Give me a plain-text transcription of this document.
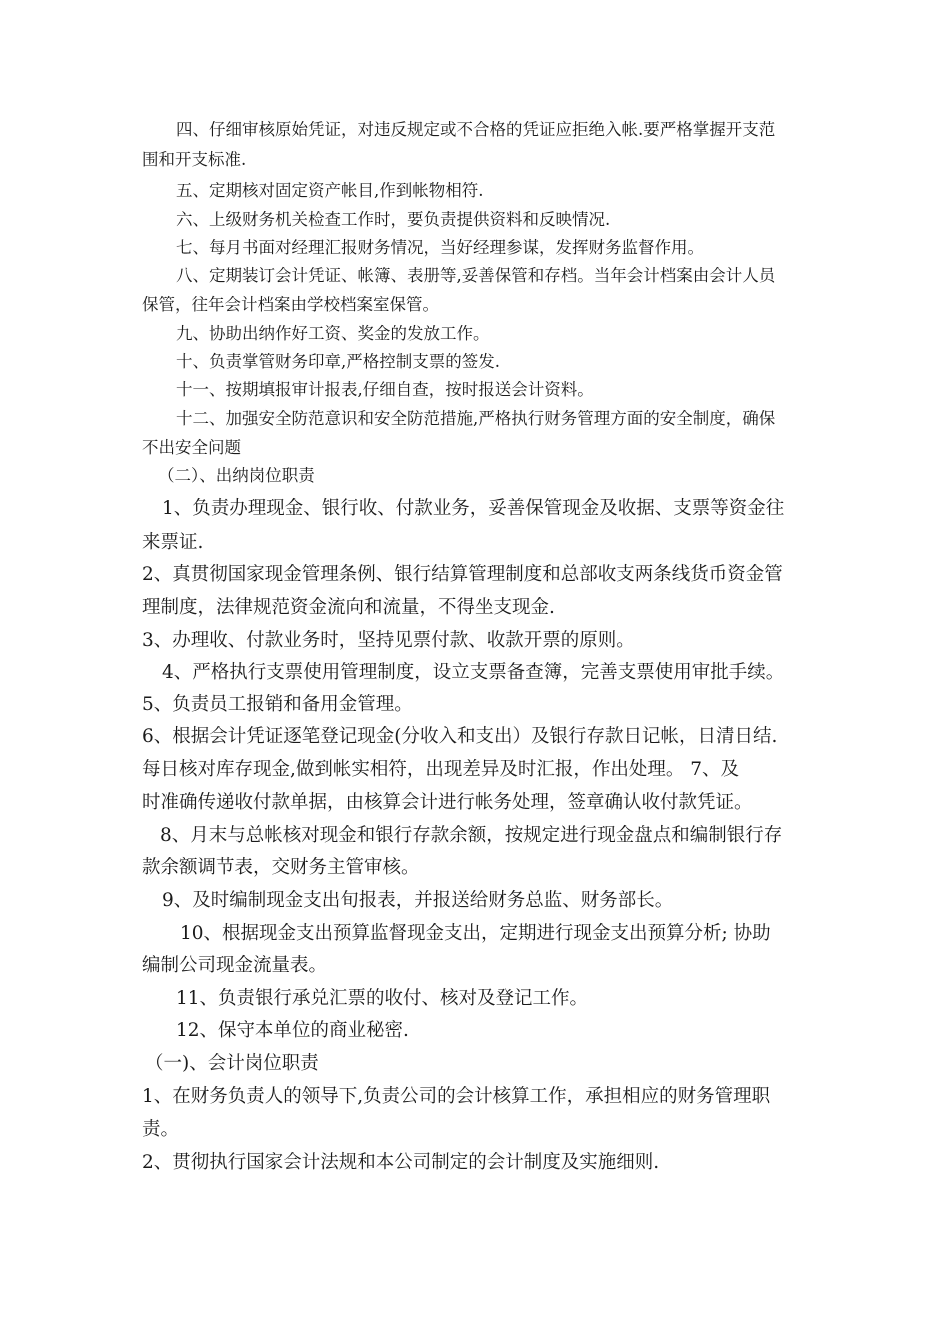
四、仔细审核原始凭证，对违反规定或不合格的凭证应拒绝入帐.要严格掌握开支范
围和开支标准.
五、定期核对固定资产帐目,作到帐物相符.
六、上级财务机关检查工作时，要负责提供资料和反映情况.
七、每月书面对经理汇报财务情况，当好经理参谋，发挥财务监督作用。
八、定期装订会计凭证、帐簿、表册等,妥善保管和存档。当年会计档案由会计人员
保管，往年会计档案由学校档案室保管。
九、协助出纳作好工资、奖金的发放工作。
十、负责掌管财务印章,严格控制支票的签发.
十一、按期填报审计报表,仔细自查，按时报送会计资料。
十二、加强安全防范意识和安全防范措施,严格执行财务管理方面的安全制度，确保
不出安全问题
（二）、出纳岗位职责
1、负责办理现金、银行收、付款业务，妥善保管现金及收据、支票等资金往
来票证.
2、真贯彻国家现金管理条例、银行结算管理制度和总部收支两条线货币资金管
理制度，法律规范资金流向和流量，不得坐支现金.
3、办理收、付款业务时，坚持见票付款、收款开票的原则。
4、严格执行支票使用管理制度，设立支票备查簿，完善支票使用审批手续。
5、负责员工报销和备用金管理。
6、根据会计凭证逐笔登记现金(分收入和支出）及银行存款日记帐，日清日结.
每日核对库存现金,做到帐实相符，出现差异及时汇报，作出处理。 7、及
时准确传递收付款单据，由核算会计进行帐务处理，签章确认收付款凭证。
8、月末与总帐核对现金和银行存款余额，按规定进行现金盘点和编制银行存
款余额调节表，交财务主管审核。
9、及时编制现金支出旬报表，并报送给财务总监、财务部长。
10、根据现金支出预算监督现金支出，定期进行现金支出预算分析; 协助
编制公司现金流量表。
11、负责银行承兑汇票的收付、核对及登记工作。
12、保守本单位的商业秘密.
（一)、会计岗位职责
1、在财务负责人的领导下,负责公司的会计核算工作，承担相应的财务管理职
责。
2、贯彻执行国家会计法规和本公司制定的会计制度及实施细则.
